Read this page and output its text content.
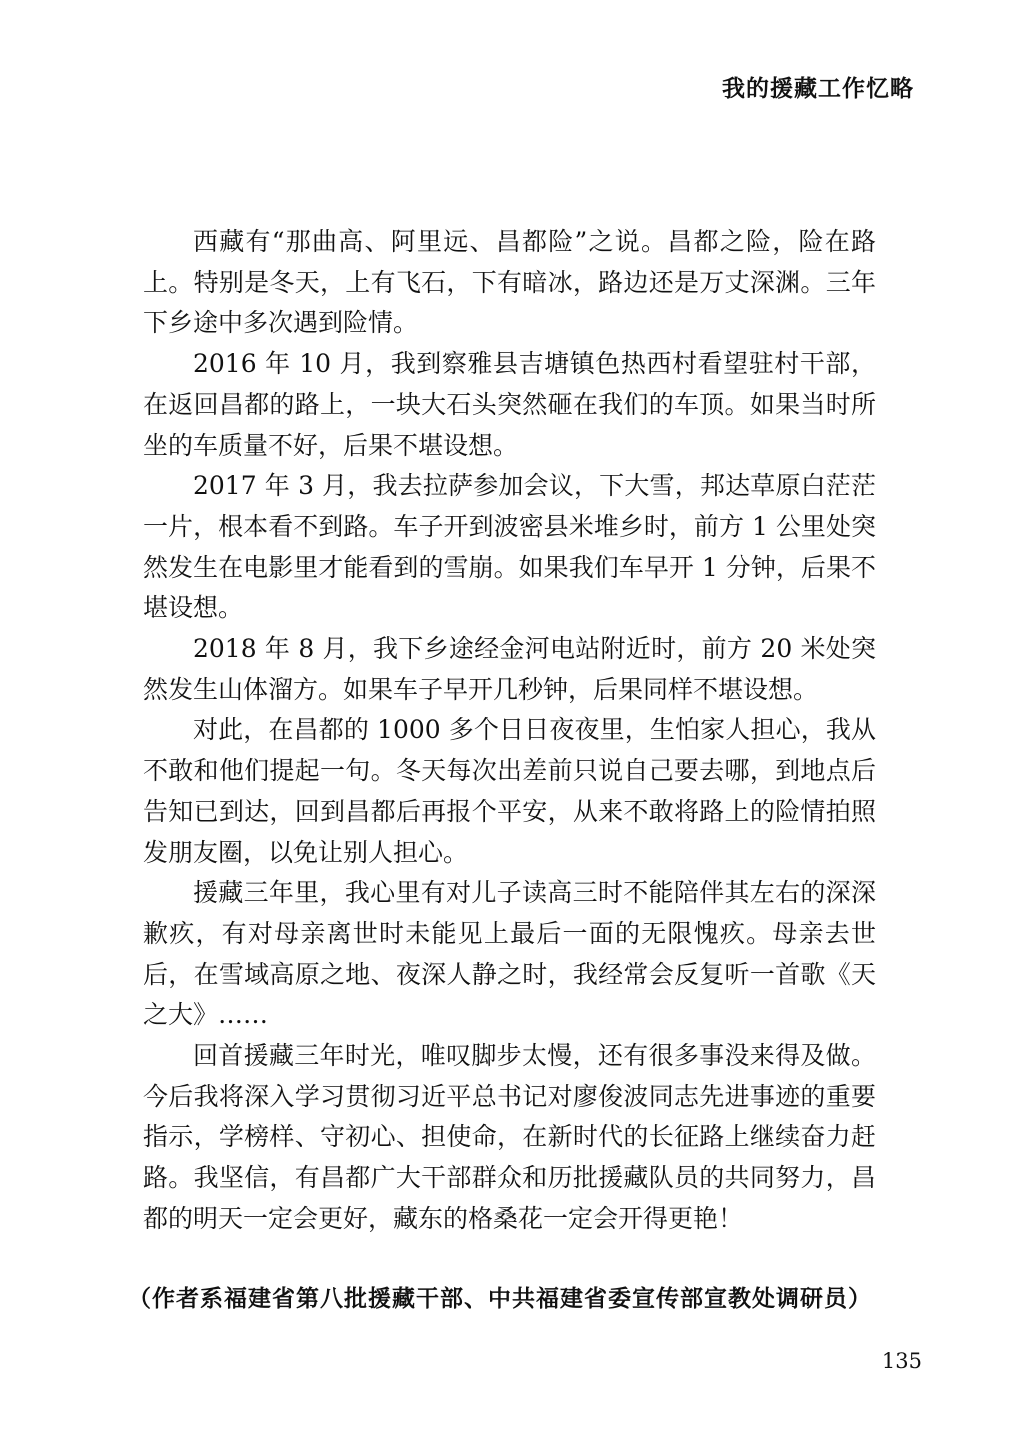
我的援藏工作忆略

西藏有“那曲高、阿里远、昌都险”之说。昌都之险，险在路上。特别是冬天，上有飞石，下有暗冰，路边还是万丈深渊。三年下乡途中多次遇到险情。

2016 年 10 月，我到察雅县吉塘镇色热西村看望驻村干部，在返回昌都的路上，一块大石头突然砸在我们的车顶。如果当时所坐的车质量不好，后果不堪设想。

2017 年 3 月，我去拉萨参加会议，下大雪，邦达草原白茫茫一片，根本看不到路。车子开到波密县米堆乡时，前方 1 公里处突然发生在电影里才能看到的雪崩。如果我们车早开 1 分钟，后果不堪设想。

2018 年 8 月，我下乡途经金河电站附近时，前方 20 米处突然发生山体溜方。如果车子早开几秒钟，后果同样不堪设想。

对此，在昌都的 1000 多个日日夜夜里，生怕家人担心，我从不敢和他们提起一句。冬天每次出差前只说自己要去哪，到地点后告知已到达，回到昌都后再报个平安，从来不敢将路上的险情拍照发朋友圈，以免让别人担心。

援藏三年里，我心里有对儿子读高三时不能陪伴其左右的深深歉疚，有对母亲离世时未能见上最后一面的无限愧疚。母亲去世后，在雪域高原之地、夜深人静之时，我经常会反复听一首歌《天之大》……

回首援藏三年时光，唯叹脚步太慢，还有很多事没来得及做。今后我将深入学习贯彻习近平总书记对廖俊波同志先进事迹的重要指示，学榜样、守初心、担使命，在新时代的长征路上继续奋力赶路。我坚信，有昌都广大干部群众和历批援藏队员的共同努力，昌都的明天一定会更好，藏东的格桑花一定会开得更艳！

（作者系福建省第八批援藏干部、中共福建省委宣传部宣教处调研员）
135
